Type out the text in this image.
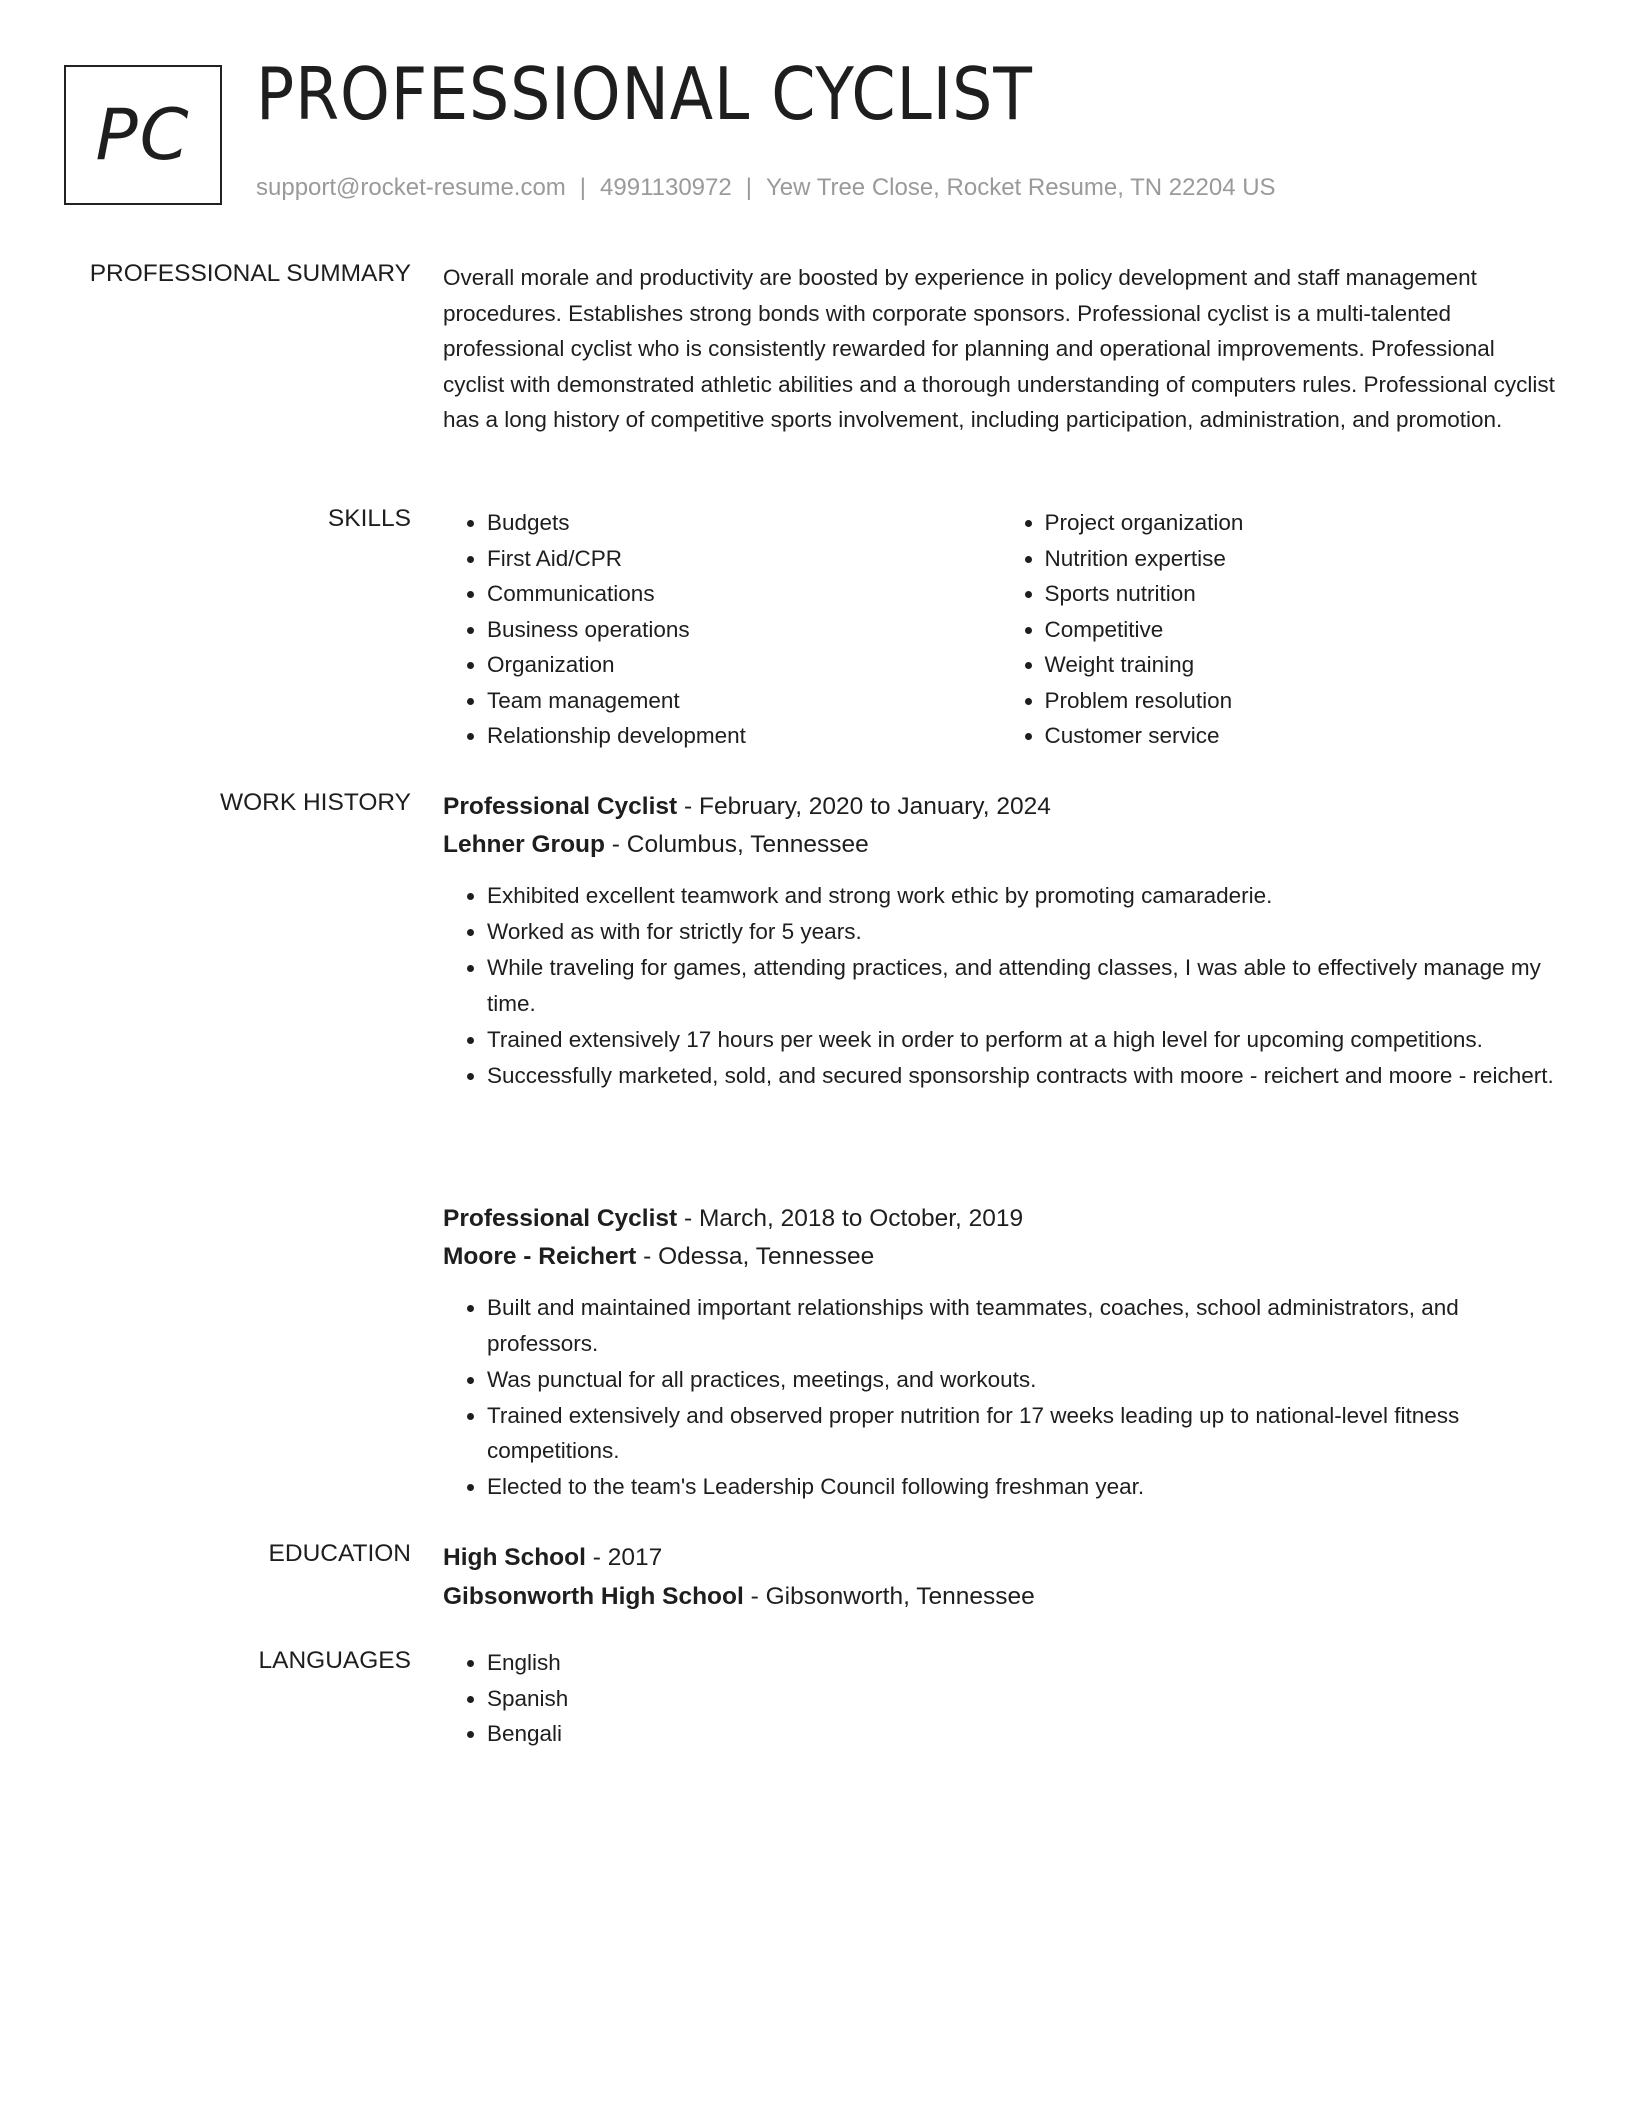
PC PROFESSIONAL CYCLIST
support@rocket-resume.com | 4991130972 | Yew Tree Close, Rocket Resume, TN 22204 US
PROFESSIONAL SUMMARY Overall morale and productivity are boosted by experience in policy development and staff management procedures. Establishes strong bonds with corporate sponsors. Professional cyclist is a multi-talented professional cyclist who is consistently rewarded for planning and operational improvements. Professional cyclist with demonstrated athletic abilities and a thorough understanding of computers rules. Professional cyclist has a long history of competitive sports involvement, including participation, administration, and promotion.
SKILLS	• Budgets
• First Aid/CPR
• Communications
• Business operations
• Organization
• Team management
• Relationship development
• Project organization
• Nutrition expertise
• Sports nutrition
• Competitive
• Weight training
• Problem resolution
• Customer service
WORK HISTORY Professional Cyclist - February, 2020 to January, 2024
Lehner Group - Columbus, Tennessee
• Exhibited excellent teamwork and strong work ethic by promoting camaraderie.
• Worked as with for strictly for 5 years.
• While traveling for games, attending practices, and attending classes, I was able to effectively manage my time.
• Trained extensively 17 hours per week in order to perform at a high level for upcoming competitions.
• Successfully marketed, sold, and secured sponsorship contracts with moore - reichert and moore - reichert.
Professional Cyclist - March, 2018 to October, 2019
Moore - Reichert - Odessa, Tennessee
• Built and maintained important relationships with teammates, coaches, school administrators, and professors.
• Was punctual for all practices, meetings, and workouts.
• Trained extensively and observed proper nutrition for 17 weeks leading up to national-level fitness competitions.
• Elected to the team's Leadership Council following freshman year.
EDUCATION High School - 2017
Gibsonworth High School - Gibsonworth, Tennessee
LANGUAGES	• English
• Spanish
• Bengali
